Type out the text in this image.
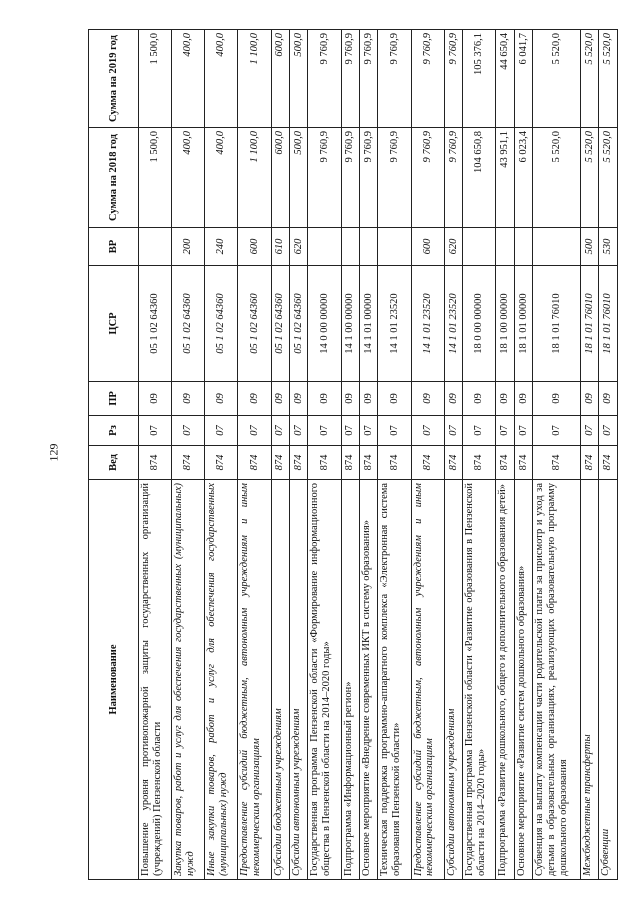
129
Наименование	Вед	Рз	ПР	ЦСР	ВР	Сумма на 2018 год	Сумма на 2019 год
Повышение уровня противопожарной защиты государственных организаций (учреждений) Пензенской области	874	07	09	05 1 02 64360		1 500,0	1 500,0
Закупка товаров, работ и услуг для обеспечения государственных (муниципальных) нужд	874	07	09	05 1 02 64360	200	400,0	400,0
Иные закупки товаров, работ и услуг для обеспечения государственных (муниципальных) нужд	874	07	09	05 1 02 64360	240	400,0	400,0
Предоставление субсидий бюджетным, автономным учреждениям и иным некоммерческим организациям	874	07	09	05 1 02 64360	600	1 100,0	1 100,0
Субсидии бюджетным учреждениям	874	07	09	05 1 02 64360	610	600,0	600,0
Субсидии автономным учреждениям	874	07	09	05 1 02 64360	620	500,0	500,0
Государственная программа Пензенской области «Формирование информационного общества в Пензенской области на 2014–2020 годы»	874	07	09	14 0 00 00000		9 760,9	9 760,9
Подпрограмма «Информационный регион»	874	07	09	14 1 00 00000		9 760,9	9 760,9
Основное мероприятие «Внедрение современных ИКТ в систему образования»	874	07	09	14 1 01 00000		9 760,9	9 760,9
Техническая поддержка программно-аппаратного комплекса «Электронная система образования Пензенской области»	874	07	09	14 1 01 23520		9 760,9	9 760,9
Предоставление субсидий бюджетным, автономным учреждениям и иным некоммерческим организациям	874	07	09	14 1 01 23520	600	9 760,9	9 760,9
Субсидии автономным учреждениям	874	07	09	14 1 01 23520	620	9 760,9	9 760,9
Государственная программа Пензенской области «Развитие образования в Пензенской области на 2014–2020 годы»	874	07	09	18 0 00 00000		104 650,8	105 376,1
Подпрограмма «Развитие дошкольного, общего и дополнительного образования детей»	874	07	09	18 1 00 00000		43 951,1	44 650,4
Основное мероприятие «Развитие систем дошкольного образования»	874	07	09	18 1 01 00000		6 023,4	6 041,7
Субвенция на выплату компенсации части родительской платы за присмотр и уход за детьми в образовательных организациях, реализующих образовательную программу дошкольного образования	874	07	09	18 1 01 76010		5 520,0	5 520,0
Межбюджетные трансферты	874	07	09	18 1 01 76010	500	5 520,0	5 520,0
Субвенции	874	07	09	18 1 01 76010	530	5 520,0	5 520,0
